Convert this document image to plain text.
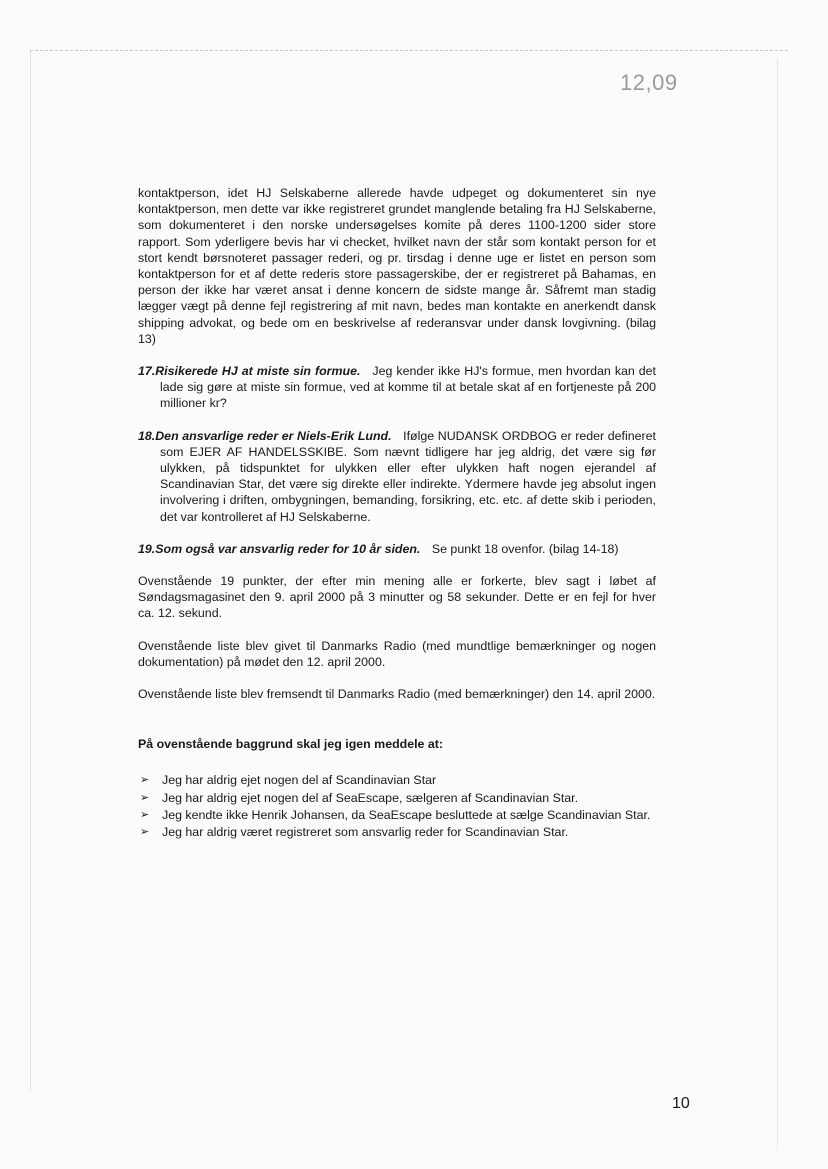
12,09

kontaktperson, idet HJ Selskaberne allerede havde udpeget og dokumenteret sin nye kontaktperson, men dette var ikke registreret grundet manglende betaling fra HJ Selskaberne, som dokumenteret i den norske undersøgelses komite på deres 1100-1200 sider store rapport. Som yderligere bevis har vi checket, hvilket navn der står som kontakt person for et stort kendt børsnoteret passager rederi, og pr. tirsdag i denne uge er listet en person som kontaktperson for et af dette rederis store passagerskibe, der er registreret på Bahamas, en person der ikke har været ansat i denne koncern de sidste mange år. Såfremt man stadig lægger vægt på denne fejl registrering af mit navn, bedes man kontakte en anerkendt dansk shipping advokat, og bede om en beskrivelse af rederansvar under dansk lovgivning. (bilag 13)

17.Risikerede HJ at miste sin formue. Jeg kender ikke HJ's formue, men hvordan kan det lade sig gøre at miste sin formue, ved at komme til at betale skat af en fortjeneste på 200 millioner kr?

18.Den ansvarlige reder er Niels-Erik Lund. Ifølge NUDANSK ORDBOG er reder defineret som EJER AF HANDELSSKIBE. Som nævnt tidligere har jeg aldrig, det være sig før ulykken, på tidspunktet for ulykken eller efter ulykken haft nogen ejerandel af Scandinavian Star, det være sig direkte eller indirekte. Ydermere havde jeg absolut ingen involvering i driften, ombygningen, bemanding, forsikring, etc. etc. af dette skib i perioden, det var kontrolleret af HJ Selskaberne.

19.Som også var ansvarlig reder for 10 år siden. Se punkt 18 ovenfor. (bilag 14-18)

Ovenstående 19 punkter, der efter min mening alle er forkerte, blev sagt i løbet af Søndagsmagasinet den 9. april 2000 på 3 minutter og 58 sekunder. Dette er en fejl for hver ca. 12. sekund.

Ovenstående liste blev givet til Danmarks Radio (med mundtlige bemærkninger og nogen dokumentation) på mødet den 12. april 2000.

Ovenstående liste blev fremsendt til Danmarks Radio (med bemærkninger) den 14. april 2000.

På ovenstående baggrund skal jeg igen meddele at:

➢ Jeg har aldrig ejet nogen del af Scandinavian Star
➢ Jeg har aldrig ejet nogen del af SeaEscape, sælgeren af Scandinavian Star.
➢ Jeg kendte ikke Henrik Johansen, da SeaEscape besluttede at sælge Scandinavian Star.
➢ Jeg har aldrig været registreret som ansvarlig reder for Scandinavian Star.
10
